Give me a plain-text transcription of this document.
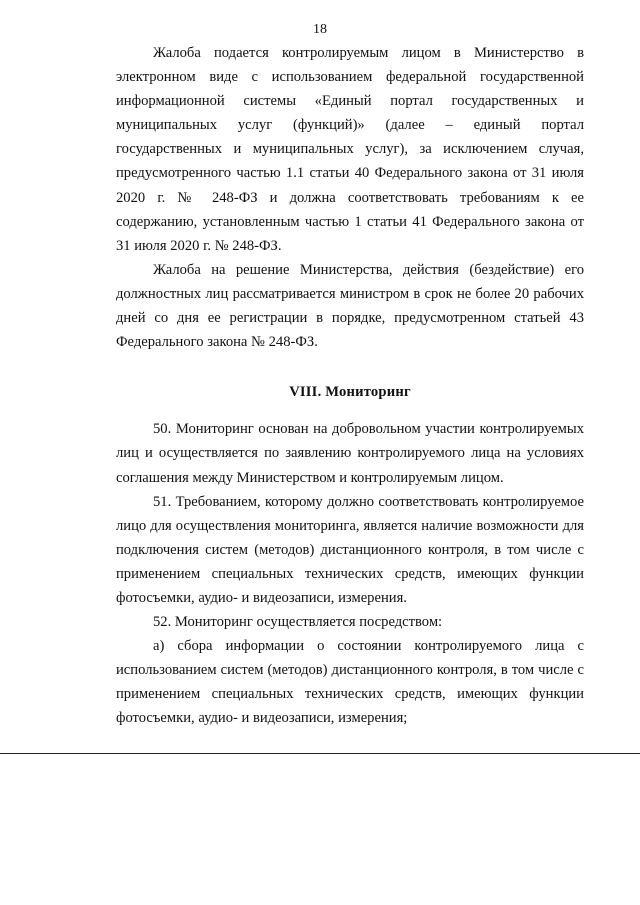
18

Жалоба подается контролируемым лицом в Министерство в электронном виде с использованием федеральной государственной информационной системы «Единый портал государственных и муниципальных услуг (функций)» (далее – единый портал государственных и муниципальных услуг), за исключением случая, предусмотренного частью 1.1 статьи 40 Федерального закона от 31 июля 2020 г. № 248-ФЗ и должна соответствовать требованиям к ее содержанию, установленным частью 1 статьи 41 Федерального закона от 31 июля 2020 г. № 248-ФЗ.

Жалоба на решение Министерства, действия (бездействие) его должностных лиц рассматривается министром в срок не более 20 рабочих дней со дня ее регистрации в порядке, предусмотренном статьей 43 Федерального закона № 248-ФЗ.

VIII. Мониторинг

50. Мониторинг основан на добровольном участии контролируемых лиц и осуществляется по заявлению контролируемого лица на условиях соглашения между Министерством и контролируемым лицом.

51. Требованием, которому должно соответствовать контролируемое лицо для осуществления мониторинга, является наличие возможности для подключения систем (методов) дистанционного контроля, в том числе с применением специальных технических средств, имеющих функции фотосъемки, аудио- и видеозаписи, измерения.

52. Мониторинг осуществляется посредством:

а) сбора информации о состоянии контролируемого лица с использованием систем (методов) дистанционного контроля, в том числе с применением специальных технических средств, имеющих функции фотосъемки, аудио- и видеозаписи, измерения;
